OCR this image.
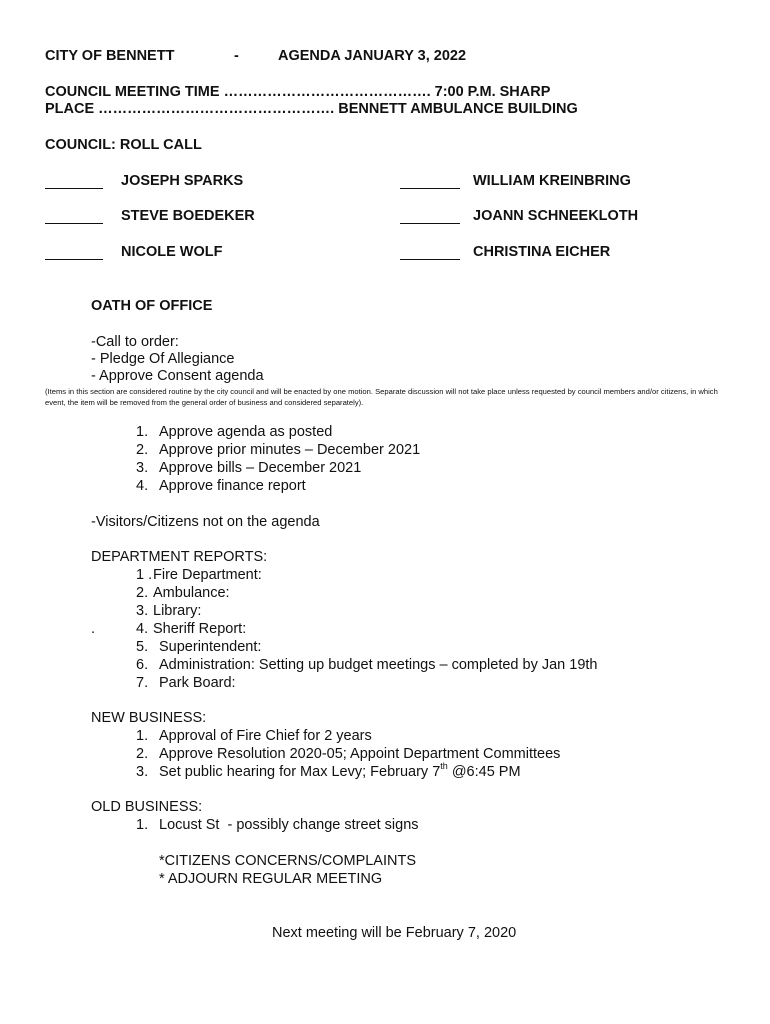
CITY OF BENNETT	-	AGENDA JANUARY 3, 2022
COUNCIL MEETING TIME ……………………………………. 7:00 P.M. SHARP
PLACE …………………………………………. BENNETT AMBULANCE BUILDING
COUNCIL: ROLL CALL
JOSEPH SPARKS	WILLIAM KREINBRING
STEVE BOEDEKER	JOANN SCHNEEKLOTH
NICOLE WOLF	CHRISTINA EICHER
OATH OF OFFICE
-Call to order:
- Pledge Of Allegiance
- Approve Consent agenda
(Items in this section are considered routine by the city council and will be enacted by one motion. Separate discussion will not take place unless requested by council members and/or citizens, in which event, the item will be removed from the general order of business and considered separately).
1. Approve agenda as posted
2. Approve prior minutes – December 2021
3. Approve bills – December 2021
4. Approve finance report
-Visitors/Citizens not on the agenda
DEPARTMENT REPORTS:
1 . Fire Department:
2. Ambulance:
3. Library:
.	4. Sheriff Report:
5. Superintendent:
6. Administration: Setting up budget meetings – completed by Jan 19th
7. Park Board:
NEW BUSINESS:
1. Approval of Fire Chief for 2 years
2. Approve Resolution 2020-05; Appoint Department Committees
3. Set public hearing for Max Levy; February 7th @6:45 PM
OLD BUSINESS:
1. Locust St  - possibly change street signs
*CITIZENS CONCERNS/COMPLAINTS
* ADJOURN REGULAR MEETING
Next meeting will be February 7, 2020
